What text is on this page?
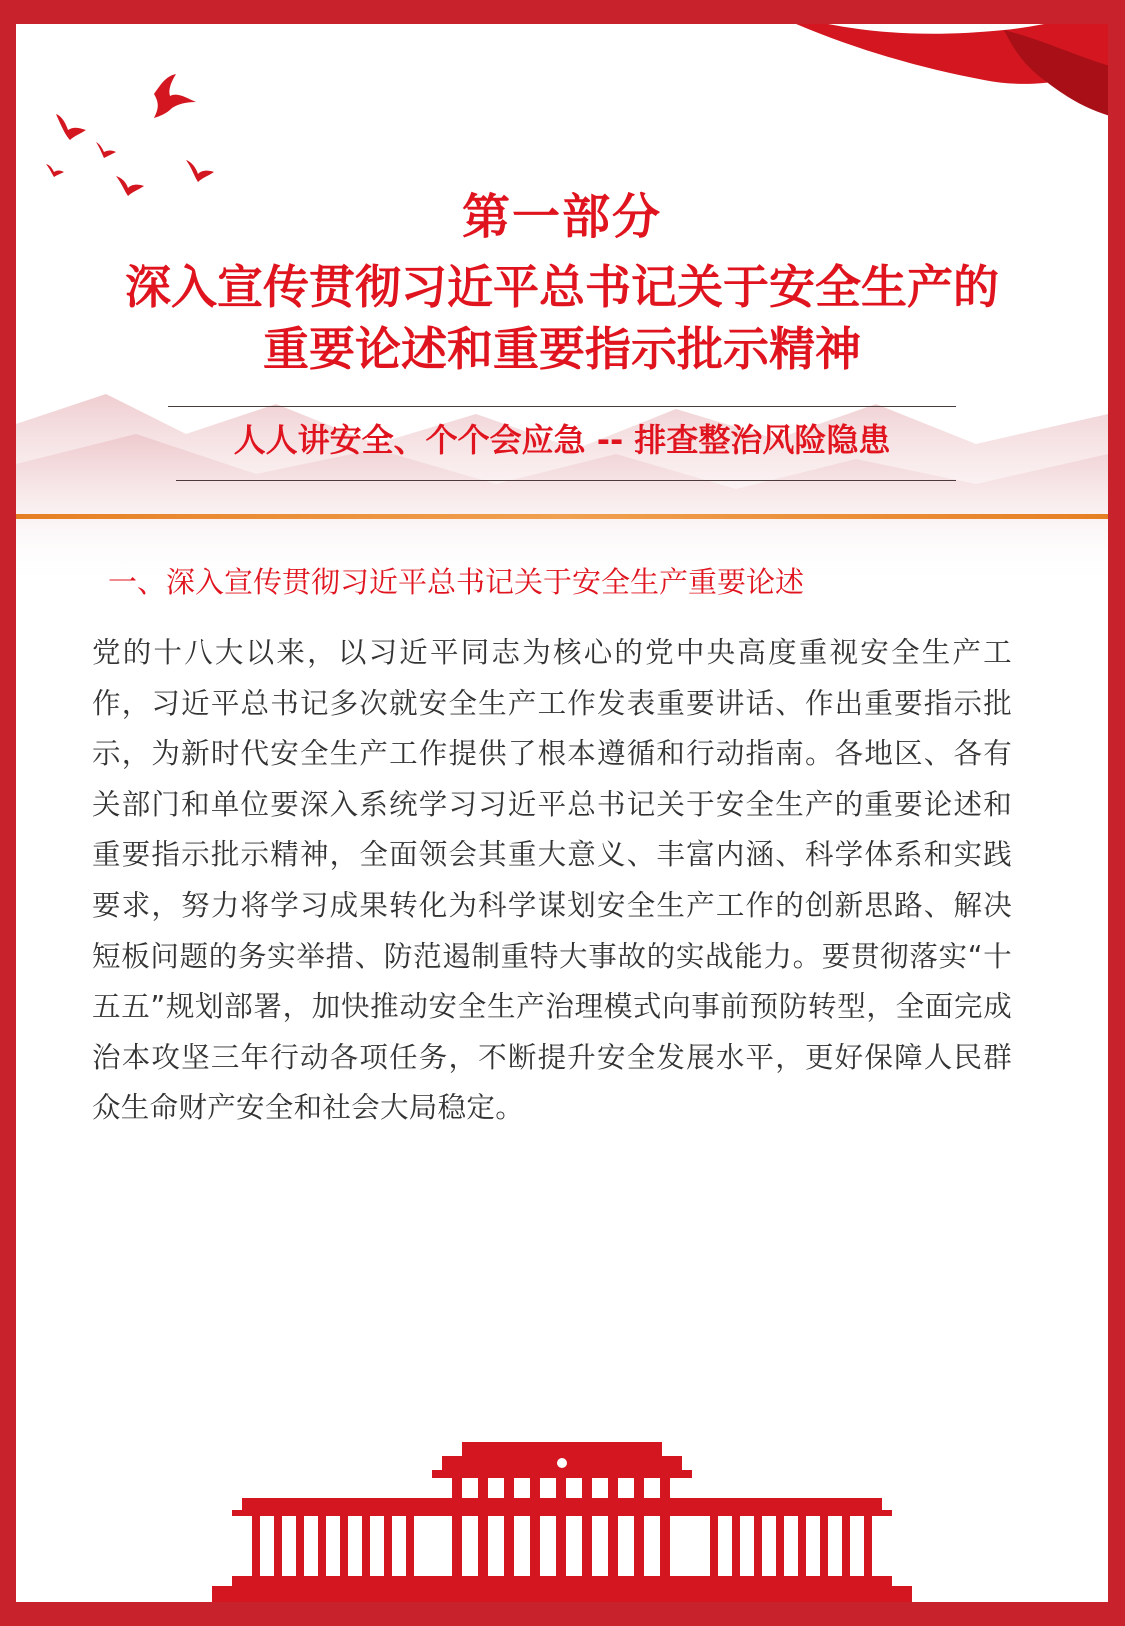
第一部分

深入宣传贯彻习近平总书记关于安全生产的重要论述和重要指示批示精神

人人讲安全、个个会应急 -- 排查整治风险隐患

一、深入宣传贯彻习近平总书记关于安全生产重要论述

党的十八大以来，以习近平同志为核心的党中央高度重视安全生产工作，习近平总书记多次就安全生产工作发表重要讲话、作出重要指示批示，为新时代安全生产工作提供了根本遵循和行动指南。各地区、各有关部门和单位要深入系统学习习近平总书记关于安全生产的重要论述和重要指示批示精神，全面领会其重大意义、丰富内涵、科学体系和实践要求，努力将学习成果转化为科学谋划安全生产工作的创新思路、解决短板问题的务实举措、防范遏制重特大事故的实战能力。要贯彻落实“十五五”规划部署，加快推动安全生产治理模式向事前预防转型，全面完成治本攻坚三年行动各项任务，不断提升安全发展水平，更好保障人民群众生命财产安全和社会大局稳定。
